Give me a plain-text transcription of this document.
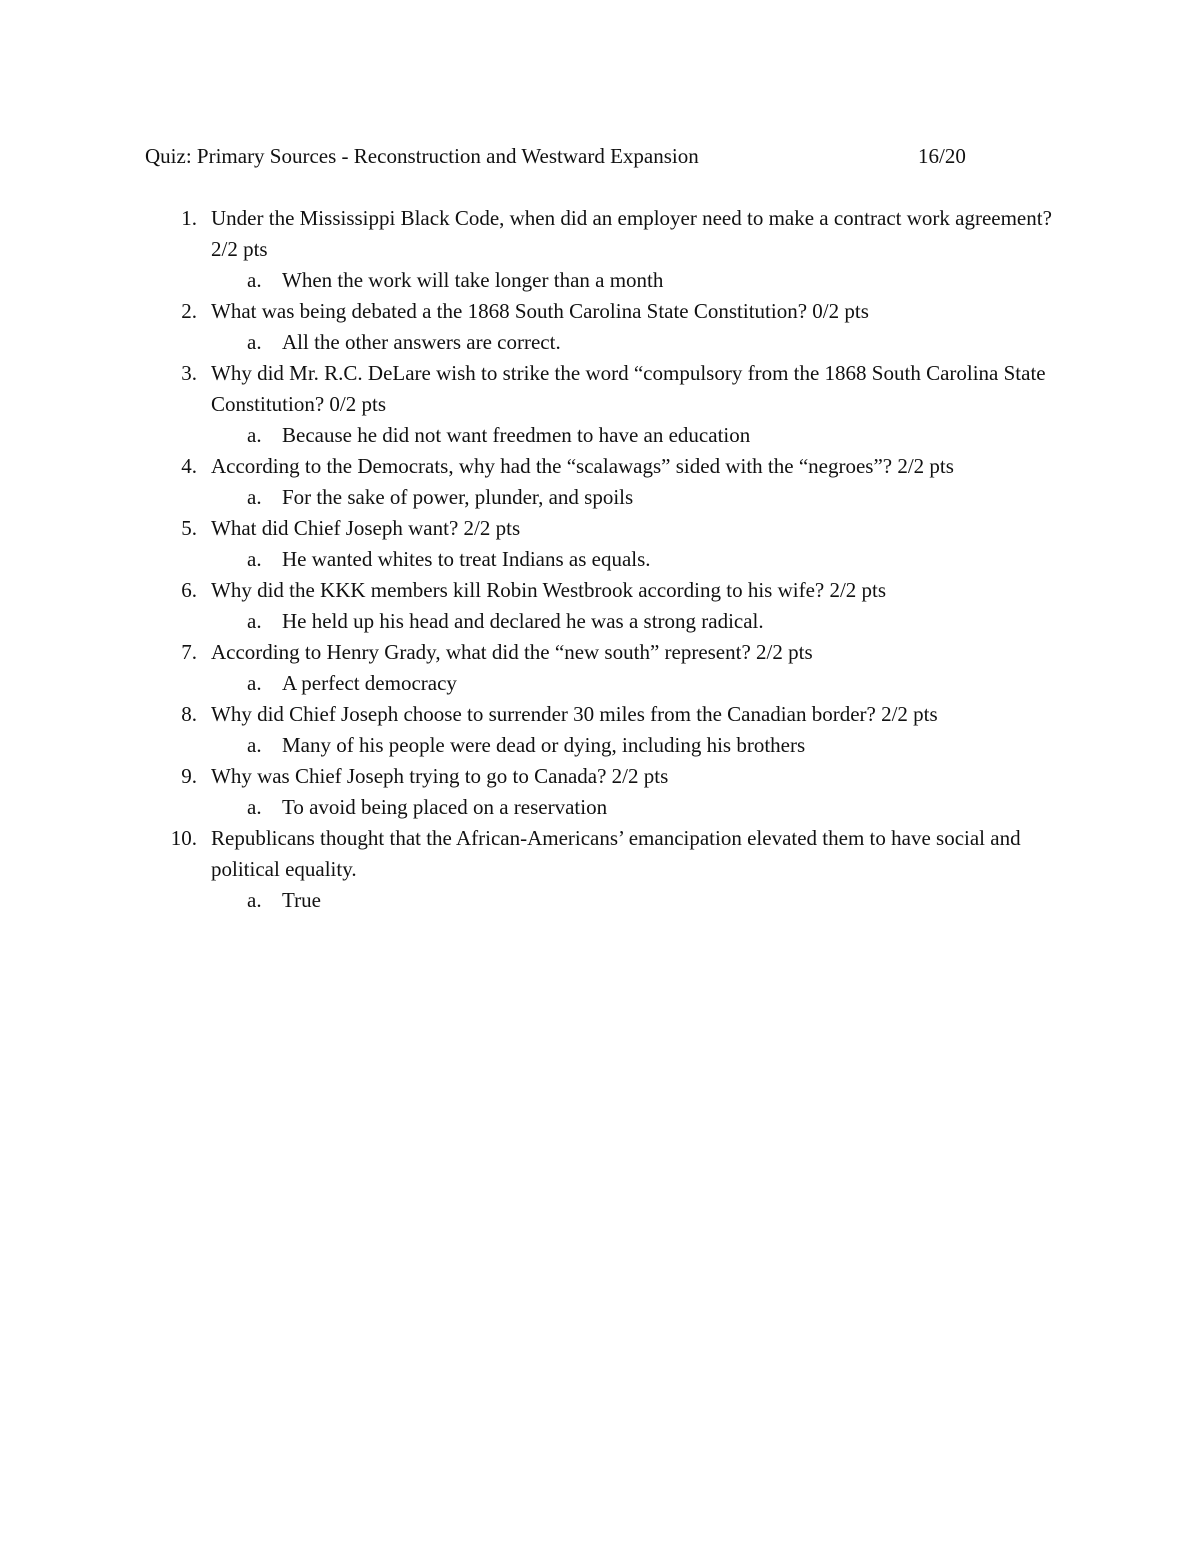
Quiz: Primary Sources - Reconstruction and Westward Expansion	16/20
1. Under the Mississippi Black Code, when did an employer need to make a contract work agreement? 2/2 pts
a. When the work will take longer than a month
2. What was being debated a the 1868 South Carolina State Constitution? 0/2 pts
a. All the other answers are correct.
3. Why did Mr. R.C. DeLare wish to strike the word “compulsory from the 1868 South Carolina State Constitution? 0/2 pts
a. Because he did not want freedmen to have an education
4. According to the Democrats, why had the “scalawags” sided with the “negroes”? 2/2 pts
a. For the sake of power, plunder, and spoils
5. What did Chief Joseph want? 2/2 pts
a. He wanted whites to treat Indians as equals.
6. Why did the KKK members kill Robin Westbrook according to his wife? 2/2 pts
a. He held up his head and declared he was a strong radical.
7. According to Henry Grady, what did the “new south” represent? 2/2 pts
a. A perfect democracy
8. Why did Chief Joseph choose to surrender 30 miles from the Canadian border? 2/2 pts
a. Many of his people were dead or dying, including his brothers
9. Why was Chief Joseph trying to go to Canada? 2/2 pts
a. To avoid being placed on a reservation
10. Republicans thought that the African-Americans’ emancipation elevated them to have social and political equality.
a. True
